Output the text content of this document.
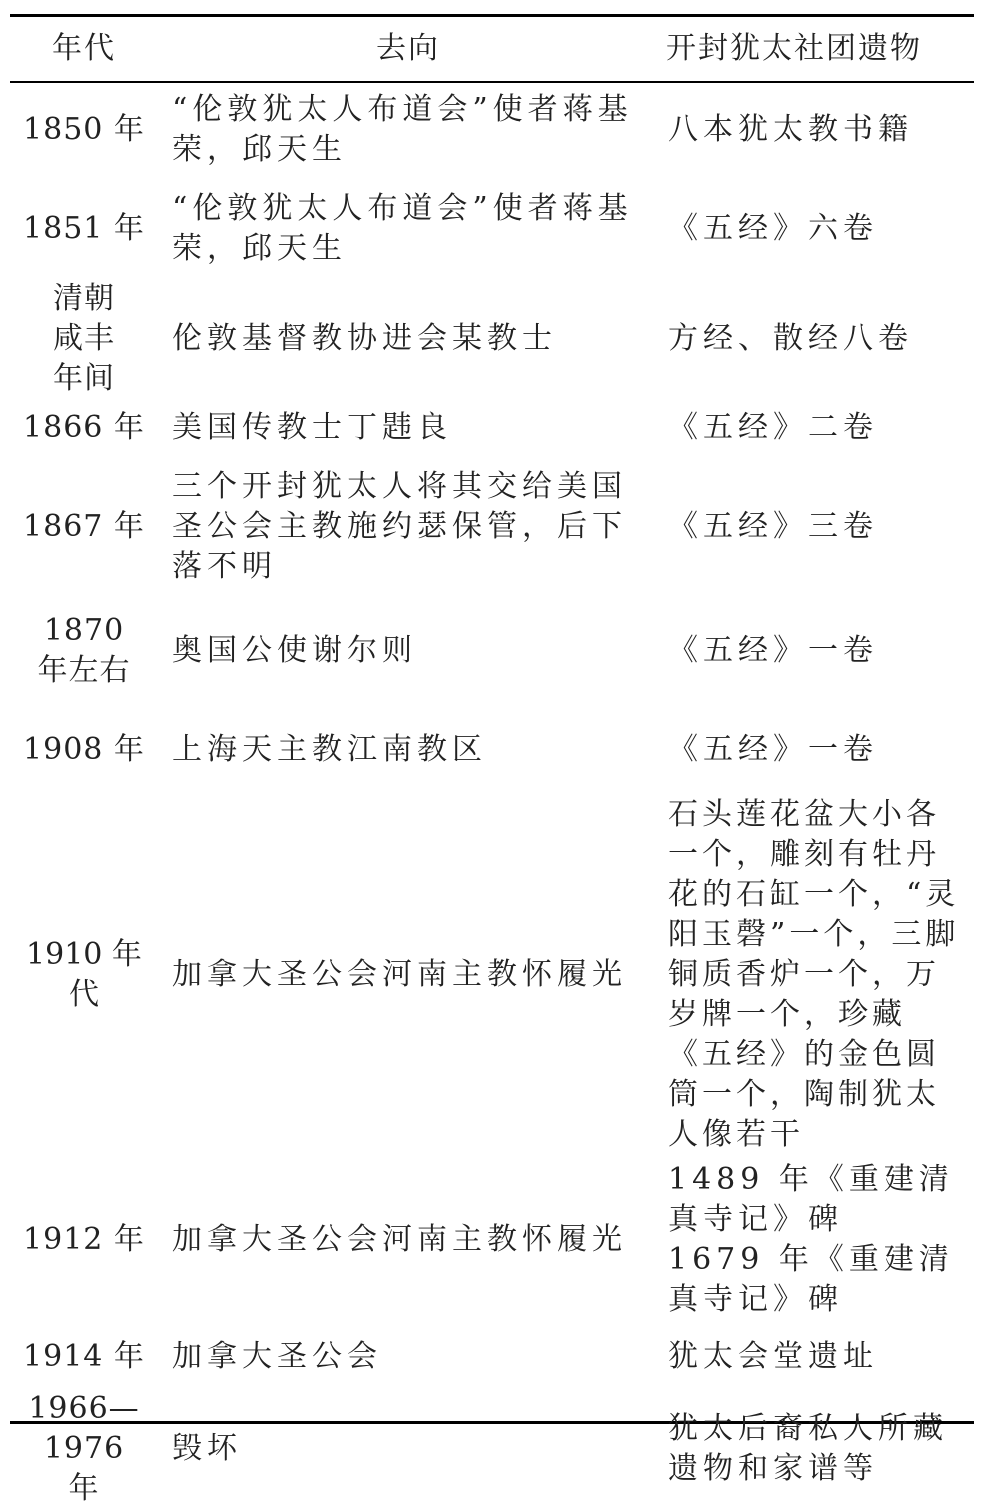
年代	去向	开封犹太社团遗物
1850 年	“伦敦犹太人布道会”使者蒋基荣，邱天生	八本犹太教书籍
1851 年	“伦敦犹太人布道会”使者蒋基荣，邱天生	《五经》六卷
清朝咸丰年间	伦敦基督教协进会某教士	方经、散经八卷
1866 年	美国传教士丁韪良	《五经》二卷
1867 年	三个开封犹太人将其交给美国圣公会主教施约瑟保管，后下落不明	《五经》三卷
1870 年左右	奥国公使谢尔则	《五经》一卷
1908 年	上海天主教江南教区	《五经》一卷
1910 年代	加拿大圣公会河南主教怀履光	石头莲花盆大小各一个，雕刻有牡丹花的石缸一个，“灵阳玉磬”一个，三脚铜质香炉一个，万岁牌一个，珍藏《五经》的金色圆筒一个，陶制犹太人像若干
1912 年	加拿大圣公会河南主教怀履光	1489 年《重建清真寺记》碑
1679 年《重建清真寺记》碑

1914 年	加拿大圣公会	犹太会堂遗址
1966—1976 年	毁坏	犹太后裔私人所藏遗物和家谱等
